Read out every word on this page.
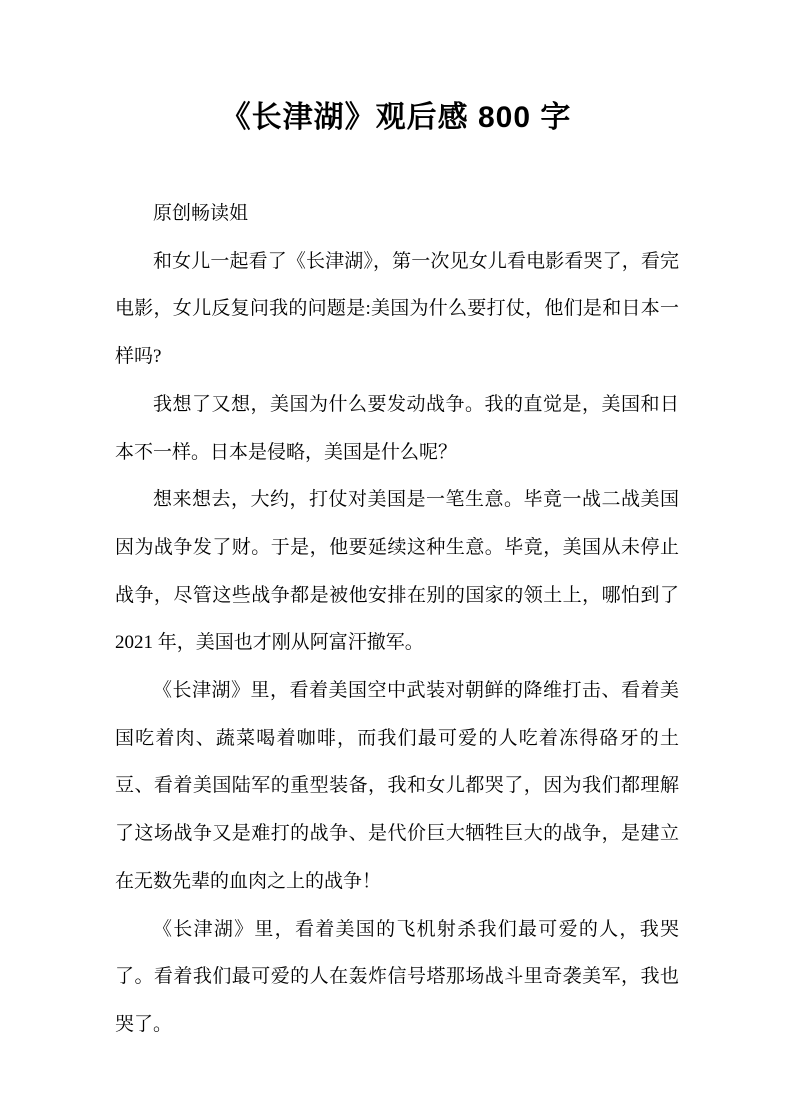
《长津湖》观后感 800 字

原创畅读姐

和女儿一起看了《长津湖》，第一次见女儿看电影看哭了，看完电影，女儿反复问我的问题是:美国为什么要打仗，他们是和日本一样吗?

我想了又想，美国为什么要发动战争。我的直觉是，美国和日本不一样。日本是侵略，美国是什么呢？

想来想去，大约，打仗对美国是一笔生意。毕竟一战二战美国因为战争发了财。于是，他要延续这种生意。毕竟，美国从未停止战争，尽管这些战争都是被他安排在别的国家的领土上，哪怕到了 2021 年，美国也才刚从阿富汗撤军。

《长津湖》里，看着美国空中武装对朝鲜的降维打击、看着美国吃着肉、蔬菜喝着咖啡，而我们最可爱的人吃着冻得硌牙的土豆、看着美国陆军的重型装备，我和女儿都哭了，因为我们都理解了这场战争又是难打的战争、是代价巨大牺牲巨大的战争，是建立在无数先辈的血肉之上的战争！

《长津湖》里，看着美国的飞机射杀我们最可爱的人，我哭了。看着我们最可爱的人在轰炸信号塔那场战斗里奇袭美军，我也哭了。
